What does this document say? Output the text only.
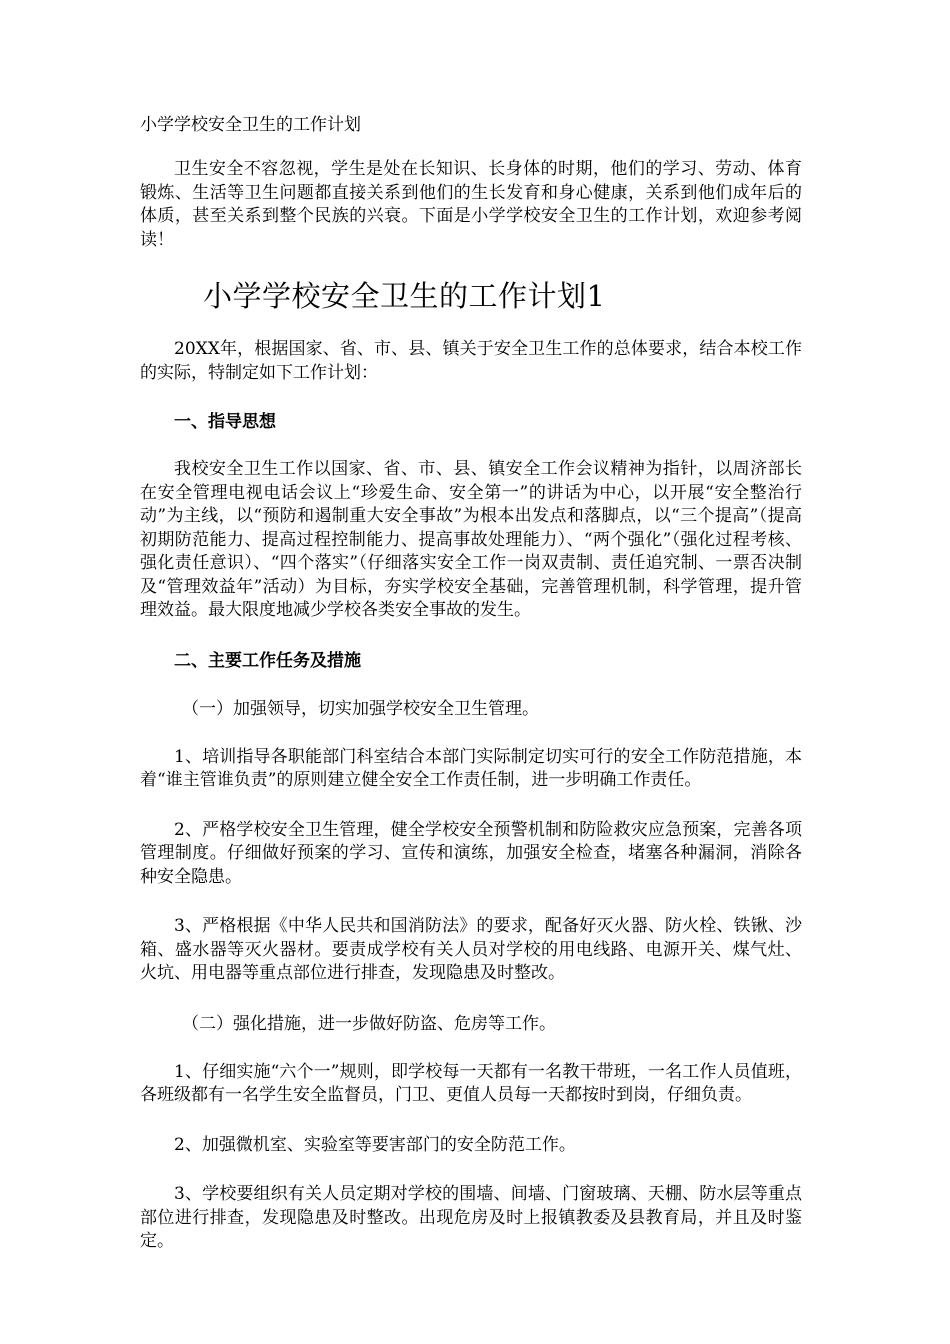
小学学校安全卫生的工作计划

卫生安全不容忽视，学生是处在长知识、长身体的时期，他们的学习、劳动、体育锻炼、生活等卫生问题都直接关系到他们的生长发育和身心健康，关系到他们成年后的体质，甚至关系到整个民族的兴衰。下面是小学学校安全卫生的工作计划，欢迎参考阅读！

小学学校安全卫生的工作计划1

20XX年，根据国家、省、市、县、镇关于安全卫生工作的总体要求，结合本校工作的实际，特制定如下工作计划：

一、指导思想

我校安全卫生工作以国家、省、市、县、镇安全工作会议精神为指针，以周济部长在安全管理电视电话会议上“珍爱生命、安全第一”的讲话为中心，以开展“安全整治行动”为主线，以“预防和遏制重大安全事故”为根本出发点和落脚点，以“三个提高”（提高初期防范能力、提高过程控制能力、提高事故处理能力）、“两个强化”（强化过程考核、强化责任意识）、“四个落实”（仔细落实安全工作一岗双责制、责任追究制、一票否决制及“管理效益年”活动）为目标，夯实学校安全基础，完善管理机制，科学管理，提升管理效益。最大限度地减少学校各类安全事故的发生。

二、主要工作任务及措施
（一）加强领导，切实加强学校安全卫生管理。

1、培训指导各职能部门科室结合本部门实际制定切实可行的安全工作防范措施，本着“谁主管谁负责”的原则建立健全安全工作责任制，进一步明确工作责任。

2、严格学校安全卫生管理，健全学校安全预警机制和防险救灾应急预案，完善各项管理制度。仔细做好预案的学习、宣传和演练，加强安全检查，堵塞各种漏洞，消除各种安全隐患。

3、严格根据《中华人民共和国消防法》的要求，配备好灭火器、防火栓、铁锹、沙箱、盛水器等灭火器材。要责成学校有关人员对学校的用电线路、电源开关、煤气灶、火坑、用电器等重点部位进行排查，发现隐患及时整改。

（二）强化措施，进一步做好防盗、危房等工作。

1、仔细实施“六个一”规则，即学校每一天都有一名教干带班，一名工作人员值班，各班级都有一名学生安全监督员，门卫、更值人员每一天都按时到岗，仔细负责。

2、加强微机室、实验室等要害部门的安全防范工作。

3、学校要组织有关人员定期对学校的围墙、间墙、门窗玻璃、天棚、防水层等重点部位进行排查，发现隐患及时整改。出现危房及时上报镇教委及县教育局，并且及时鉴定。
